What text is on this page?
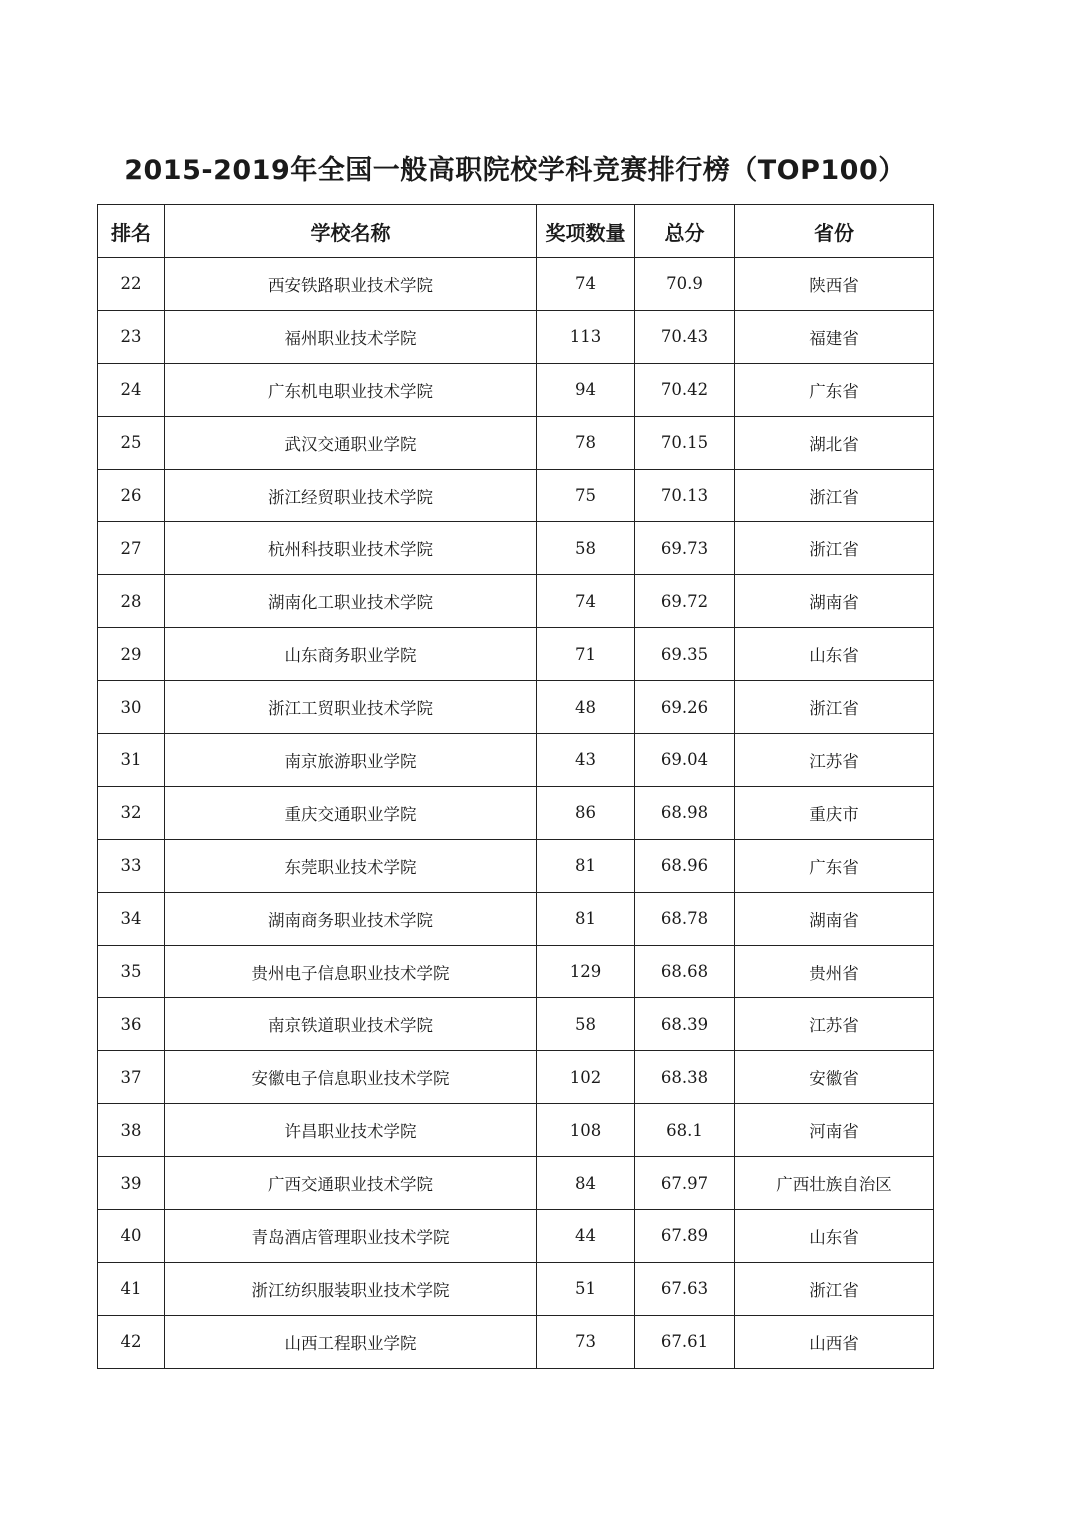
2015-2019年全国一般高职院校学科竞赛排行榜（TOP100）
排名	学校名称	奖项数量	总分	省份
22	西安铁路职业技术学院	74	70.9	陕西省
23	福州职业技术学院	113	70.43	福建省
24	广东机电职业技术学院	94	70.42	广东省
25	武汉交通职业学院	78	70.15	湖北省
26	浙江经贸职业技术学院	75	70.13	浙江省
27	杭州科技职业技术学院	58	69.73	浙江省
28	湖南化工职业技术学院	74	69.72	湖南省
29	山东商务职业学院	71	69.35	山东省
30	浙江工贸职业技术学院	48	69.26	浙江省
31	南京旅游职业学院	43	69.04	江苏省
32	重庆交通职业学院	86	68.98	重庆市
33	东莞职业技术学院	81	68.96	广东省
34	湖南商务职业技术学院	81	68.78	湖南省
35	贵州电子信息职业技术学院	129	68.68	贵州省
36	南京铁道职业技术学院	58	68.39	江苏省
37	安徽电子信息职业技术学院	102	68.38	安徽省
38	许昌职业技术学院	108	68.1	河南省
39	广西交通职业技术学院	84	67.97	广西壮族自治区
40	青岛酒店管理职业技术学院	44	67.89	山东省
41	浙江纺织服装职业技术学院	51	67.63	浙江省
42	山西工程职业学院	73	67.61	山西省
